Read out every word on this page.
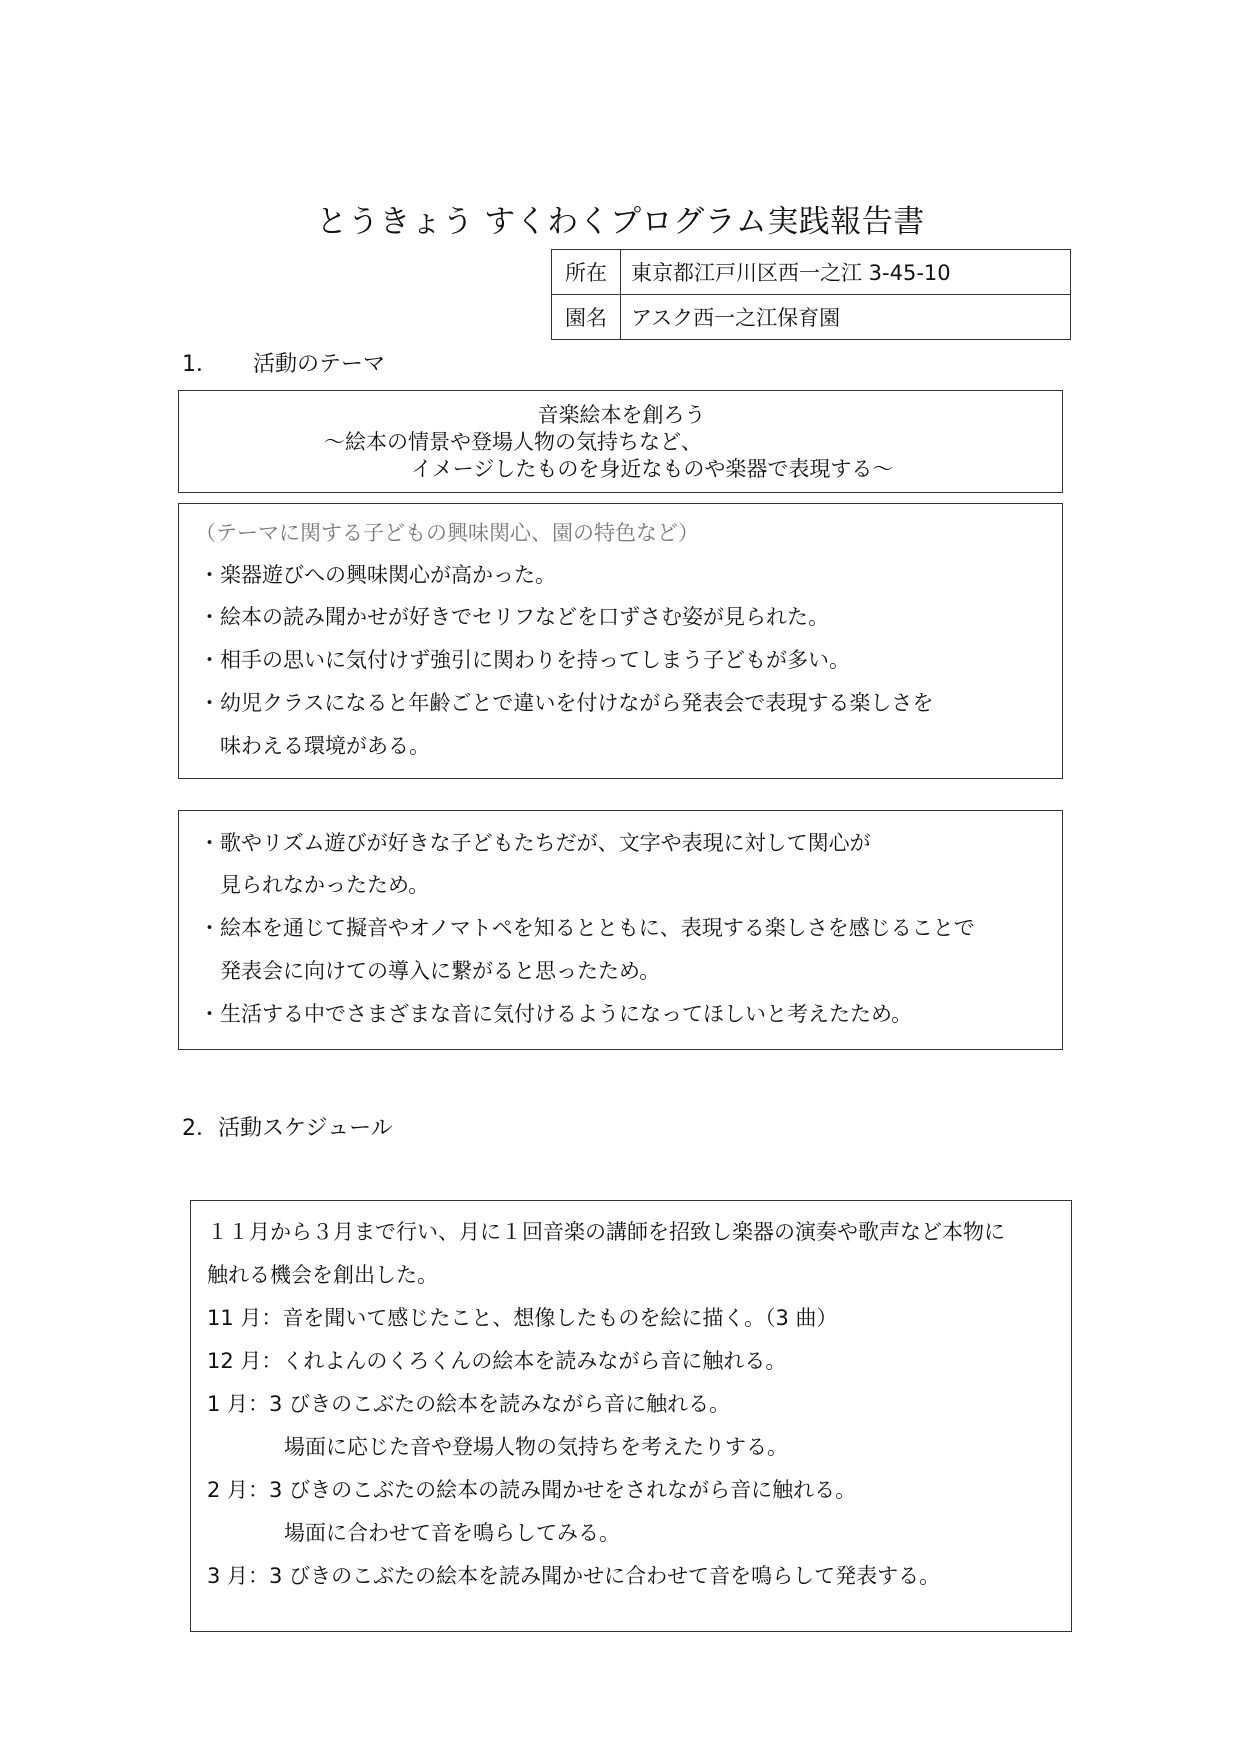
とうきょう すくわくプログラム実践報告書
所在	東京都江戸川区西一之江 3-45-10
園名	アスク西一之江保育園
1． 活動のテーマ
音楽絵本を創ろう
～絵本の情景や登場人物の気持ちなど、
イメージしたものを身近なものや楽器で表現する～
（テーマに関する子どもの興味関心、園の特色など）
・楽器遊びへの興味関心が高かった。
・絵本の読み聞かせが好きでセリフなどを口ずさむ姿が見られた。
・相手の思いに気付けず強引に関わりを持ってしまう子どもが多い。
・幼児クラスになると年齢ごとで違いを付けながら発表会で表現する楽しさを
　味わえる環境がある。
・歌やリズム遊びが好きな子どもたちだが、文字や表現に対して関心が
　見られなかったため。
・絵本を通じて擬音やオノマトペを知るとともに、表現する楽しさを感じることで
　発表会に向けての導入に繋がると思ったため。
・生活する中でさまざまな音に気付けるようになってほしいと考えたため。
2．活動スケジュール
１１月から３月まで行い、月に１回音楽の講師を招致し楽器の演奏や歌声など本物に
触れる機会を創出した。
11 月：音を聞いて感じたこと、想像したものを絵に描く。（3 曲）
12 月：くれよんのくろくんの絵本を読みながら音に触れる。
1 月：3 びきのこぶたの絵本を読みながら音に触れる。
場面に応じた音や登場人物の気持ちを考えたりする。
2 月：3 びきのこぶたの絵本の読み聞かせをされながら音に触れる。
場面に合わせて音を鳴らしてみる。
3 月：3 びきのこぶたの絵本を読み聞かせに合わせて音を鳴らして発表する。
